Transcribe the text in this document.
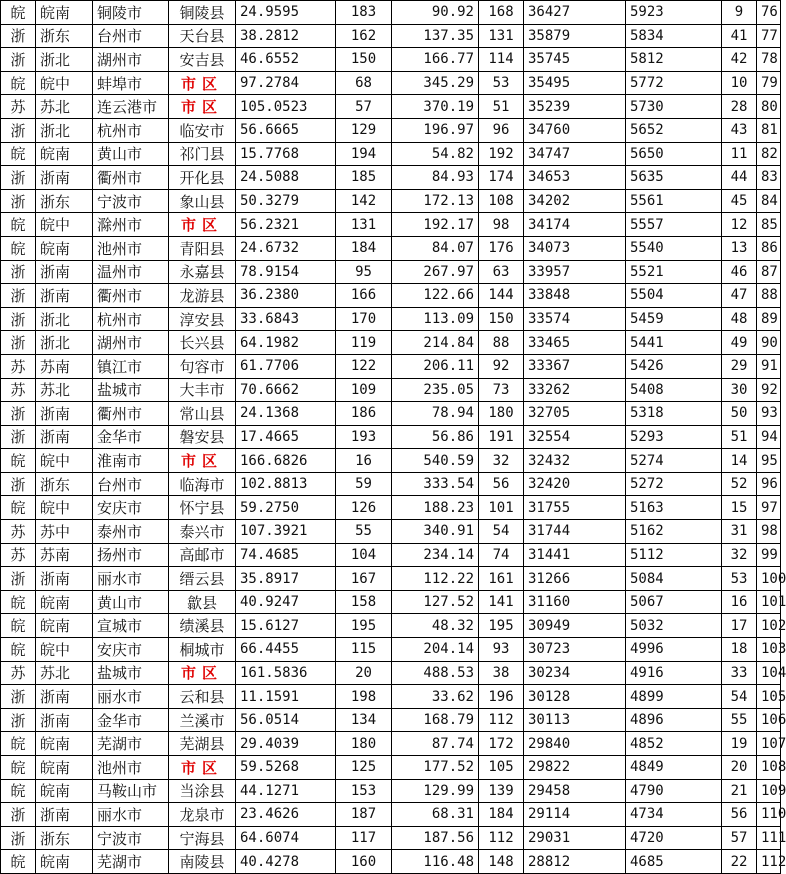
皖	皖南	铜陵市	铜陵县	24.9595	183	90.92	168	36427	5923	9	76
浙	浙东	台州市	天台县	38.2812	162	137.35	131	35879	5834	41	77
浙	浙北	湖州市	安吉县	46.6552	150	166.77	114	35745	5812	42	78
皖	皖中	蚌埠市	市区	97.2784	68	345.29	53	35495	5772	10	79
苏	苏北	连云港市	市区	105.0523	57	370.19	51	35239	5730	28	80
浙	浙北	杭州市	临安市	56.6665	129	196.97	96	34760	5652	43	81
皖	皖南	黄山市	祁门县	15.7768	194	54.82	192	34747	5650	11	82
浙	浙南	衢州市	开化县	24.5088	185	84.93	174	34653	5635	44	83
浙	浙东	宁波市	象山县	50.3279	142	172.13	108	34202	5561	45	84
皖	皖中	滁州市	市区	56.2321	131	192.17	98	34174	5557	12	85
皖	皖南	池州市	青阳县	24.6732	184	84.07	176	34073	5540	13	86
浙	浙南	温州市	永嘉县	78.9154	95	267.97	63	33957	5521	46	87
浙	浙南	衢州市	龙游县	36.2380	166	122.66	144	33848	5504	47	88
浙	浙北	杭州市	淳安县	33.6843	170	113.09	150	33574	5459	48	89
浙	浙北	湖州市	长兴县	64.1982	119	214.84	88	33465	5441	49	90
苏	苏南	镇江市	句容市	61.7706	122	206.11	92	33367	5426	29	91
苏	苏北	盐城市	大丰市	70.6662	109	235.05	73	33262	5408	30	92
浙	浙南	衢州市	常山县	24.1368	186	78.94	180	32705	5318	50	93
浙	浙南	金华市	磐安县	17.4665	193	56.86	191	32554	5293	51	94
皖	皖中	淮南市	市区	166.6826	16	540.59	32	32432	5274	14	95
浙	浙东	台州市	临海市	102.8813	59	333.54	56	32420	5272	52	96
皖	皖中	安庆市	怀宁县	59.2750	126	188.23	101	31755	5163	15	97
苏	苏中	泰州市	泰兴市	107.3921	55	340.91	54	31744	5162	31	98
苏	苏南	扬州市	高邮市	74.4685	104	234.14	74	31441	5112	32	99
浙	浙南	丽水市	缙云县	35.8917	167	112.22	161	31266	5084	53	100
皖	皖南	黄山市	歙县	40.9247	158	127.52	141	31160	5067	16	101
皖	皖南	宣城市	绩溪县	15.6127	195	48.32	195	30949	5032	17	102
皖	皖中	安庆市	桐城市	66.4455	115	204.14	93	30723	4996	18	103
苏	苏北	盐城市	市区	161.5836	20	488.53	38	30234	4916	33	104
浙	浙南	丽水市	云和县	11.1591	198	33.62	196	30128	4899	54	105
浙	浙南	金华市	兰溪市	56.0514	134	168.79	112	30113	4896	55	106
皖	皖南	芜湖市	芜湖县	29.4039	180	87.74	172	29840	4852	19	107
皖	皖南	池州市	市区	59.5268	125	177.52	105	29822	4849	20	108
皖	皖南	马鞍山市	当涂县	44.1271	153	129.99	139	29458	4790	21	109
浙	浙南	丽水市	龙泉市	23.4626	187	68.31	184	29114	4734	56	110
浙	浙东	宁波市	宁海县	64.6074	117	187.56	112	29031	4720	57	111
皖	皖南	芜湖市	南陵县	40.4278	160	116.48	148	28812	4685	22	112
